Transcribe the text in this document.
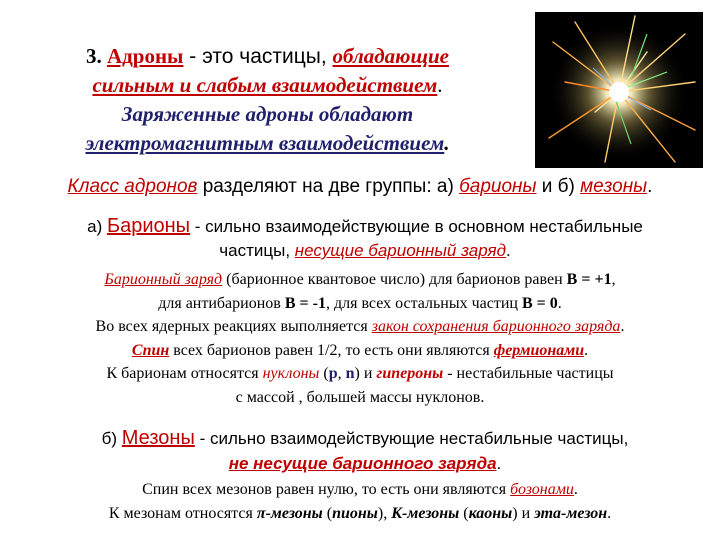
3. Адроны - это частицы, обладающие
сильным и слабым взаимодействием.
Заряженные адроны обладают
электромагнитным взаимодействием.
Класс адронов разделяют на две группы: а) барионы и б) мезоны.
а) Барионы - сильно взаимодействующие в основном нестабильные
частицы, несущие барионный заряд.
Барионный заряд (барионное квантовое число) для барионов равен В = +1,
для антибарионов В = -1, для всех остальных частиц В = 0.
Во всех ядерных реакциях выполняется закон сохранения барионного заряда.
Спин всех барионов равен 1/2, то есть они являются фермионами.
К барионам относятся нуклоны (р, n) и гипероны - нестабильные частицы
с массой , большей массы нуклонов.
б) Мезоны - сильно взаимодействующие нестабильные частицы,
не несущие барионного заряда.
Спин всех мезонов равен нулю, то есть они являются бозонами.
К мезонам относятся π-мезоны (пионы), К-мезоны (каоны) и эта-мезон.
